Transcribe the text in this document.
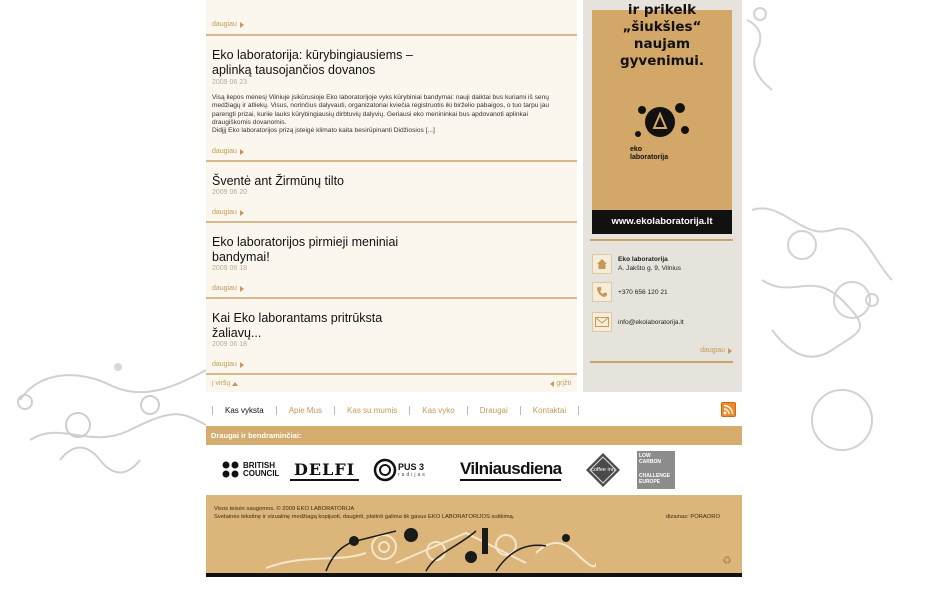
daugiau
Eko laboratorija: kūrybingiausiems – aplinką tausojančios dovanos
2009 06 23
Visą liepos mėnesį Vilniuje įsikūrusioje Eko laboratorijoje vyks kūrybiniai bandymai: nauji daiktai bus kuriami iš senų medžiagų ir atliekų. Visus, norinčius dalyvauti, organizatoriai kviečia registruotis iki birželio pabaigos, o tuo tarpu jau parengti prizai, kuriie lauks kūrybingiausių dirbtuvių dalyvių. Geriausi eko menininkai bus apdovanoti aplinkai draugiškomis dovanomis.
Didįjį Eko laboratorijos prizą įsteigė klimato kaita besirūpinanti Didžiosios [...]
daugiau
Šventė ant Žirmūnų tilto
2009 06 20
daugiau
Eko laboratorijos pirmieji meniniai bandymai!
2009 06 18
daugiau
Kai Eko laborantams pritrūksta žaliavų...
2009 06 18
daugiau
į viršų	grįžti
ir prikelk
„šiukšles“
naujam
gyvenimui.
eko
laboratorija
www.ekolaboratorija.lt
Eko laboratorija
A. Jakšto g. 9, Vilnius
+370 656 120 21
info@ekolaboratorija.lt
daugiau
Kas vyksta	Apie Mus	Kas su mumis	Kas vyko	Draugai	Kontaktai
Draugai ir bendraminčiai:
BRITISH
COUNCIL DELFI	PUS 3
radijas Vilniausdiena	coffee inn
LOW
CARBON
CHALLENGE
EUROPE
Visos teisės saugomos. © 2009 EKO LABORATORIJA
Svetainės tekstinę ir vizualinę medžiagą kopijuoti, dauginti, platinti galima tik gavus EKO LABORATORIJOS sutikimą.	dizainas: PORAORO
♻
